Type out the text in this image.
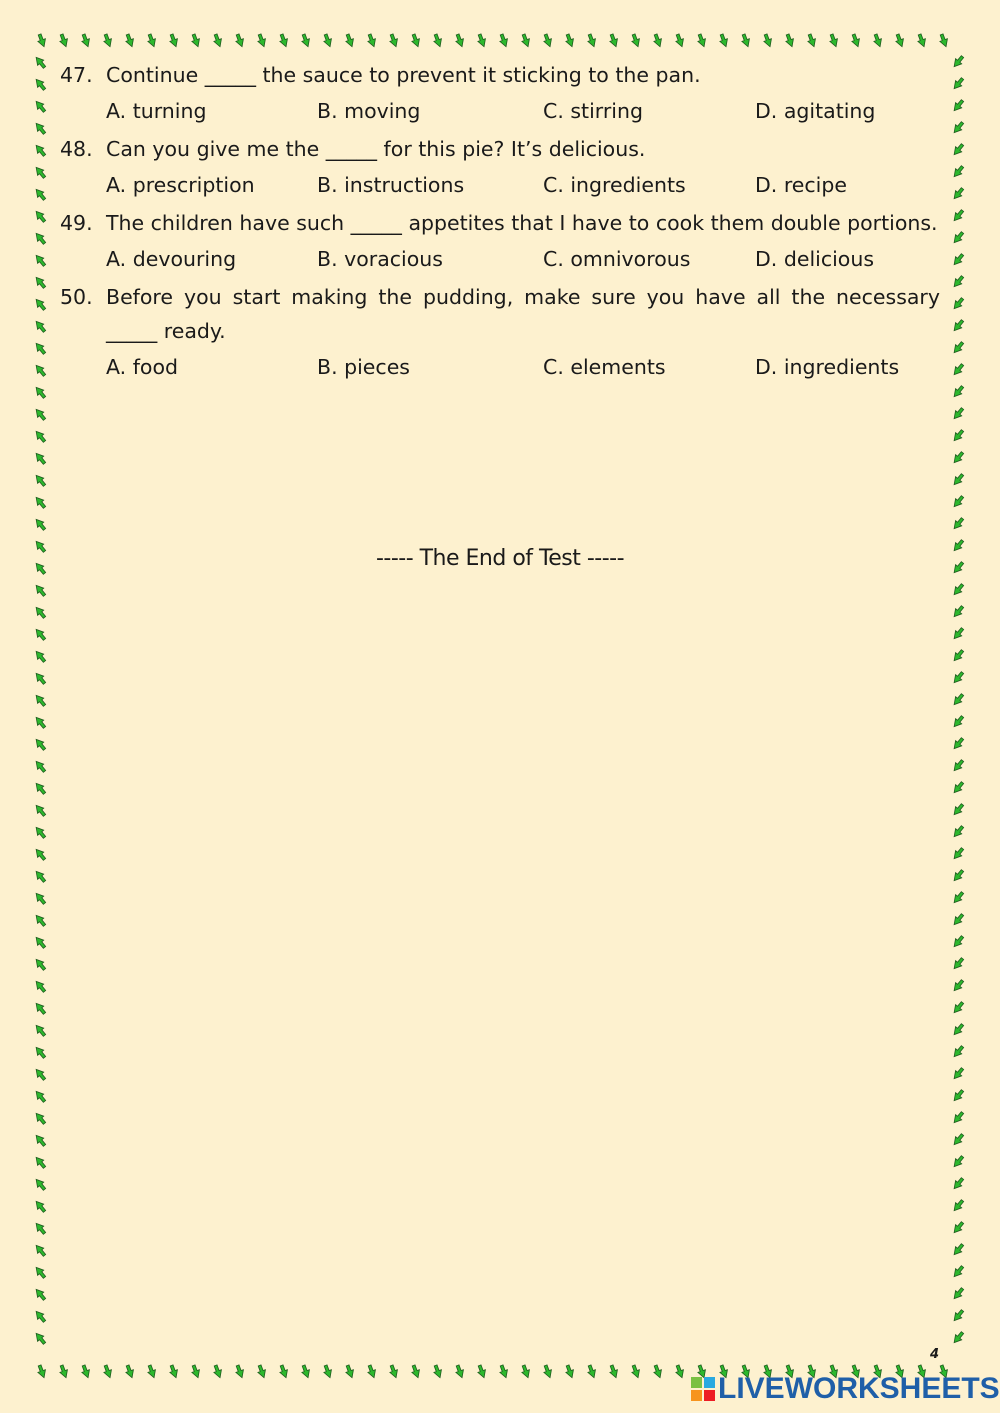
47. Continue _____ the sauce to prevent it sticking to the pan.
A. turning	B. moving	C. stirring	D. agitating
48. Can you give me the _____ for this pie? It’s delicious.
A. prescription	B. instructions	C. ingredients	D. recipe
49. The children have such _____ appetites that I have to cook them double portions.
A. devouring	B. voracious	C. omnivorous	D. delicious
50. Before you start making the pudding, make sure you have all the necessary _____ ready.
A. food	B. pieces	C. elements	D. ingredients
----- The End of Test -----
4
LIVEWORKSHEETS
